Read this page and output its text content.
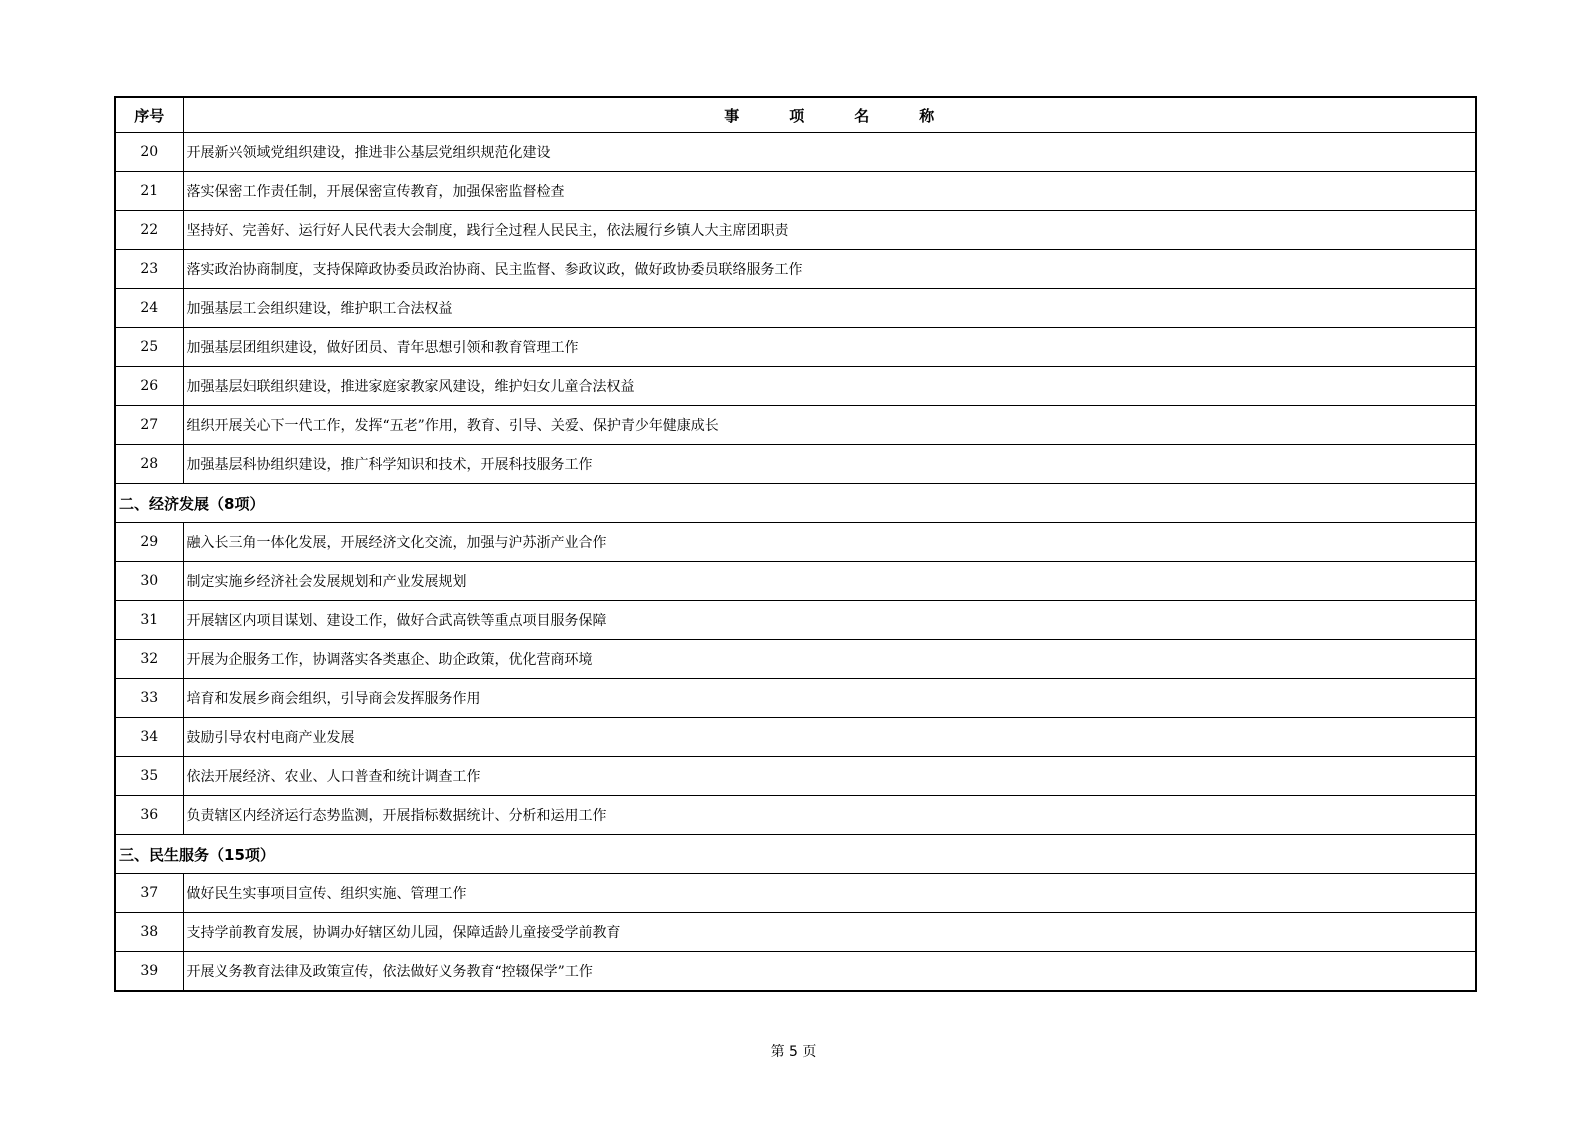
序号	事 项 名 称
20	开展新兴领域党组织建设，推进非公基层党组织规范化建设
21	落实保密工作责任制，开展保密宣传教育，加强保密监督检查
22	坚持好、完善好、运行好人民代表大会制度，践行全过程人民民主，依法履行乡镇人大主席团职责
23	落实政治协商制度，支持保障政协委员政治协商、民主监督、参政议政，做好政协委员联络服务工作
24	加强基层工会组织建设，维护职工合法权益
25	加强基层团组织建设，做好团员、青年思想引领和教育管理工作
26	加强基层妇联组织建设，推进家庭家教家风建设，维护妇女儿童合法权益
27	组织开展关心下一代工作，发挥“五老”作用，教育、引导、关爱、保护青少年健康成长
28	加强基层科协组织建设，推广科学知识和技术，开展科技服务工作
二、经济发展（8项）	
29	融入长三角一体化发展，开展经济文化交流，加强与沪苏浙产业合作
30	制定实施乡经济社会发展规划和产业发展规划
31	开展辖区内项目谋划、建设工作，做好合武高铁等重点项目服务保障
32	开展为企服务工作，协调落实各类惠企、助企政策，优化营商环境
33	培育和发展乡商会组织，引导商会发挥服务作用
34	鼓励引导农村电商产业发展
35	依法开展经济、农业、人口普查和统计调查工作
36	负责辖区内经济运行态势监测，开展指标数据统计、分析和运用工作
三、民生服务（15项）	
37	做好民生实事项目宣传、组织实施、管理工作
38	支持学前教育发展，协调办好辖区幼儿园，保障适龄儿童接受学前教育
39	开展义务教育法律及政策宣传，依法做好义务教育“控辍保学”工作
第 5 页
